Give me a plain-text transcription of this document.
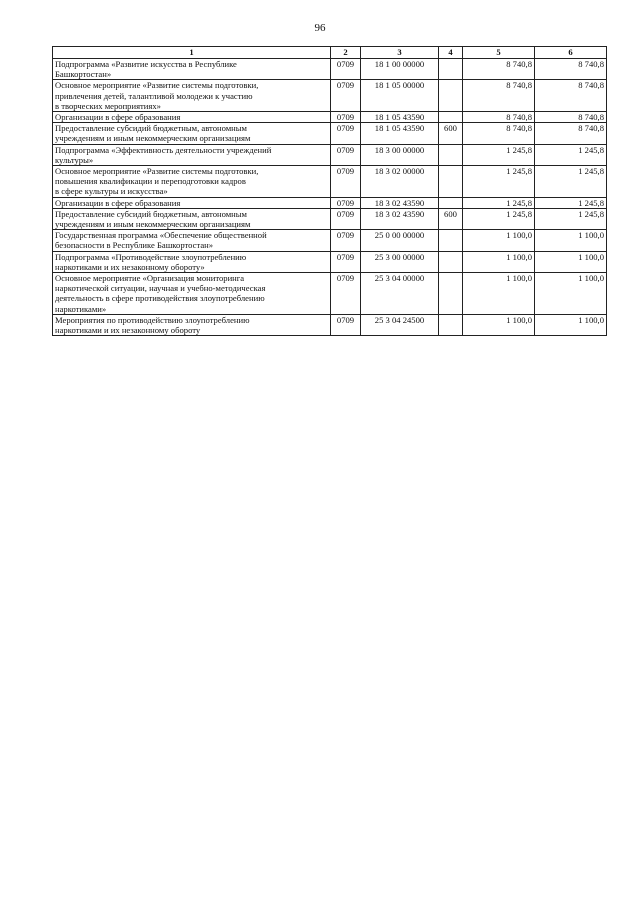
96
1	2	3	4	5	6
Подпрограмма «Развитие искусства в Республике
Башкортостан»	0709	18 1 00 00000		8 740,8	8 740,8
Основное мероприятие «Развитие системы подготовки,
привлечения детей, талантливой молодежи к участию
в творческих мероприятиях»	0709	18 1 05 00000		8 740,8	8 740,8
Организации в сфере образования	0709	18 1 05 43590		8 740,8	8 740,8
Предоставление субсидий бюджетным, автономным
учреждениям и иным некоммерческим организациям	0709	18 1 05 43590	600	8 740,8	8 740,8
Подпрограмма «Эффективность деятельности учреждений
культуры»	0709	18 3 00 00000		1 245,8	1 245,8
Основное мероприятие «Развитие системы подготовки,
повышения квалификации и переподготовки кадров
в сфере культуры и искусства»	0709	18 3 02 00000		1 245,8	1 245,8
Организации в сфере образования	0709	18 3 02 43590		1 245,8	1 245,8
Предоставление субсидий бюджетным, автономным
учреждениям и иным некоммерческим организациям	0709	18 3 02 43590	600	1 245,8	1 245,8
Государственная программа «Обеспечение общественной
безопасности в Республике Башкортостан»	0709	25 0 00 00000		1 100,0	1 100,0
Подпрограмма «Противодействие злоупотреблению
наркотиками и их незаконному обороту»	0709	25 3 00 00000		1 100,0	1 100,0
Основное мероприятие «Организация мониторинга
наркотической ситуации, научная и учебно-методическая
деятельность в сфере противодействия злоупотреблению
наркотиками»	0709	25 3 04 00000		1 100,0	1 100,0
Мероприятия по противодействию злоупотреблению
наркотиками и их незаконному обороту	0709	25 3 04 24500		1 100,0	1 100,0
